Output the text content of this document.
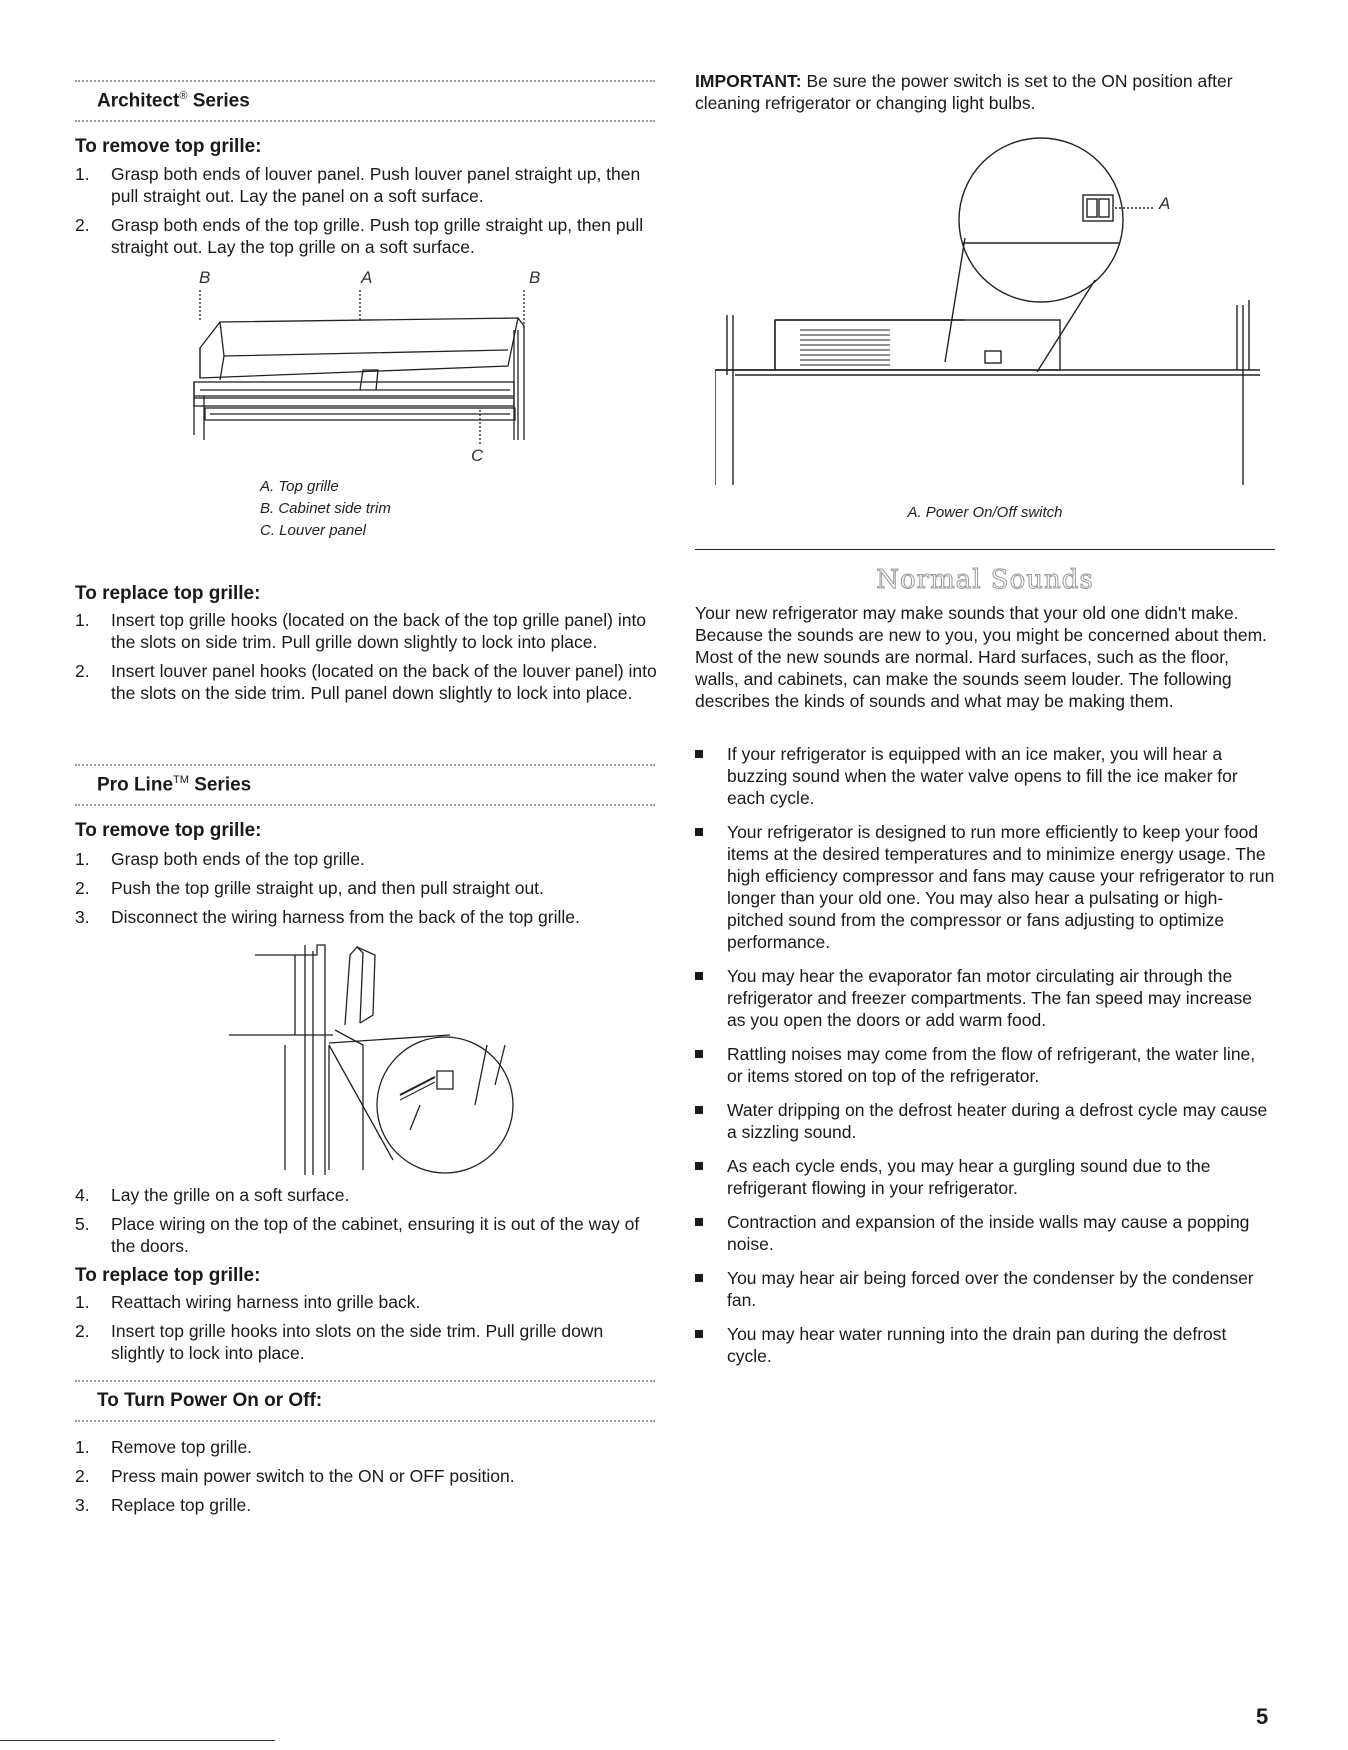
Architect® Series
To remove top grille:
1. Grasp both ends of louver panel. Push louver panel straight up, then pull straight out. Lay the panel on a soft surface.
2. Grasp both ends of the top grille. Push top grille straight up, then pull straight out. Lay the top grille on a soft surface.
B	A	B
C
A. Top grille
B. Cabinet side trim
C. Louver panel
To replace top grille:
1. Insert top grille hooks (located on the back of the top grille panel) into the slots on side trim. Pull grille down slightly to lock into place.
2. Insert louver panel hooks (located on the back of the louver panel) into the slots on the side trim. Pull panel down slightly to lock into place.
Pro Line™ Series
To remove top grille:
1. Grasp both ends of the top grille.
2. Push the top grille straight up, and then pull straight out.
3. Disconnect the wiring harness from the back of the top grille.
4. Lay the grille on a soft surface.
5. Place wiring on the top of the cabinet, ensuring it is out of the way of the doors.
To replace top grille:
1. Reattach wiring harness into grille back.
2. Insert top grille hooks into slots on the side trim. Pull grille down slightly to lock into place.
To Turn Power On or Off:
1. Remove top grille.
2. Press main power switch to the ON or OFF position.
3. Replace top grille.
IMPORTANT: Be sure the power switch is set to the ON position after cleaning refrigerator or changing light bulbs.
A
A. Power On/Off switch
Normal Sounds
Your new refrigerator may make sounds that your old one didn't make. Because the sounds are new to you, you might be concerned about them. Most of the new sounds are normal. Hard surfaces, such as the floor, walls, and cabinets, can make the sounds seem louder. The following describes the kinds of sounds and what may be making them.
If your refrigerator is equipped with an ice maker, you will hear a buzzing sound when the water valve opens to fill the ice maker for each cycle.
Your refrigerator is designed to run more efficiently to keep your food items at the desired temperatures and to minimize energy usage. The high efficiency compressor and fans may cause your refrigerator to run longer than your old one. You may also hear a pulsating or high-pitched sound from the compressor or fans adjusting to optimize performance.
You may hear the evaporator fan motor circulating air through the refrigerator and freezer compartments. The fan speed may increase as you open the doors or add warm food.
Rattling noises may come from the flow of refrigerant, the water line, or items stored on top of the refrigerator.
Water dripping on the defrost heater during a defrost cycle may cause a sizzling sound.
As each cycle ends, you may hear a gurgling sound due to the refrigerant flowing in your refrigerator.
Contraction and expansion of the inside walls may cause a popping noise.
You may hear air being forced over the condenser by the condenser fan.
You may hear water running into the drain pan during the defrost cycle.
5
